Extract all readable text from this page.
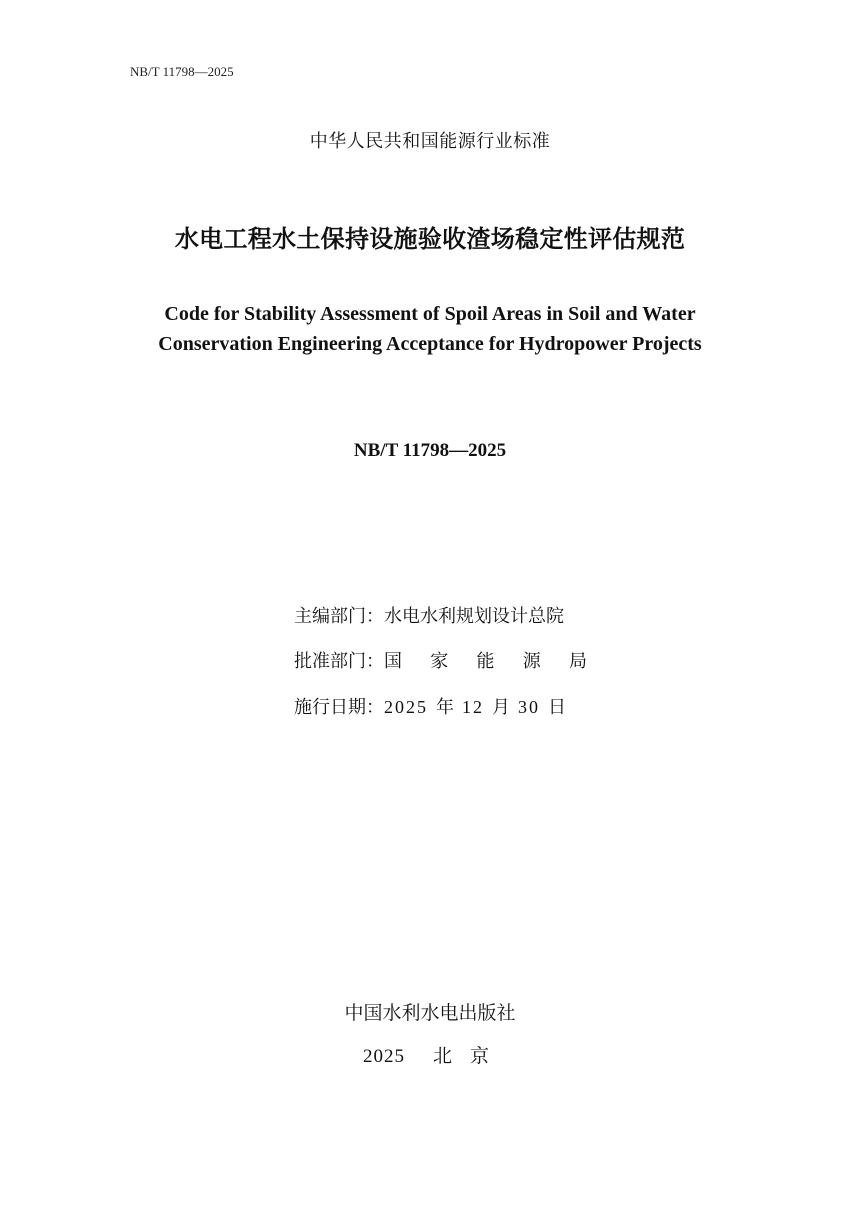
NB/T 11798—2025
中华人民共和国能源行业标准
水电工程水土保持设施验收渣场稳定性评估规范
Code for Stability Assessment of Spoil Areas in Soil and Water
Conservation Engineering Acceptance for Hydropower Projects
NB/T 11798—2025
主编部门：水电水利规划设计总院
批准部门： 国 家 能 源 局
施行日期：2025 年 12 月 30 日
中国水利水电出版社
2025 北京
